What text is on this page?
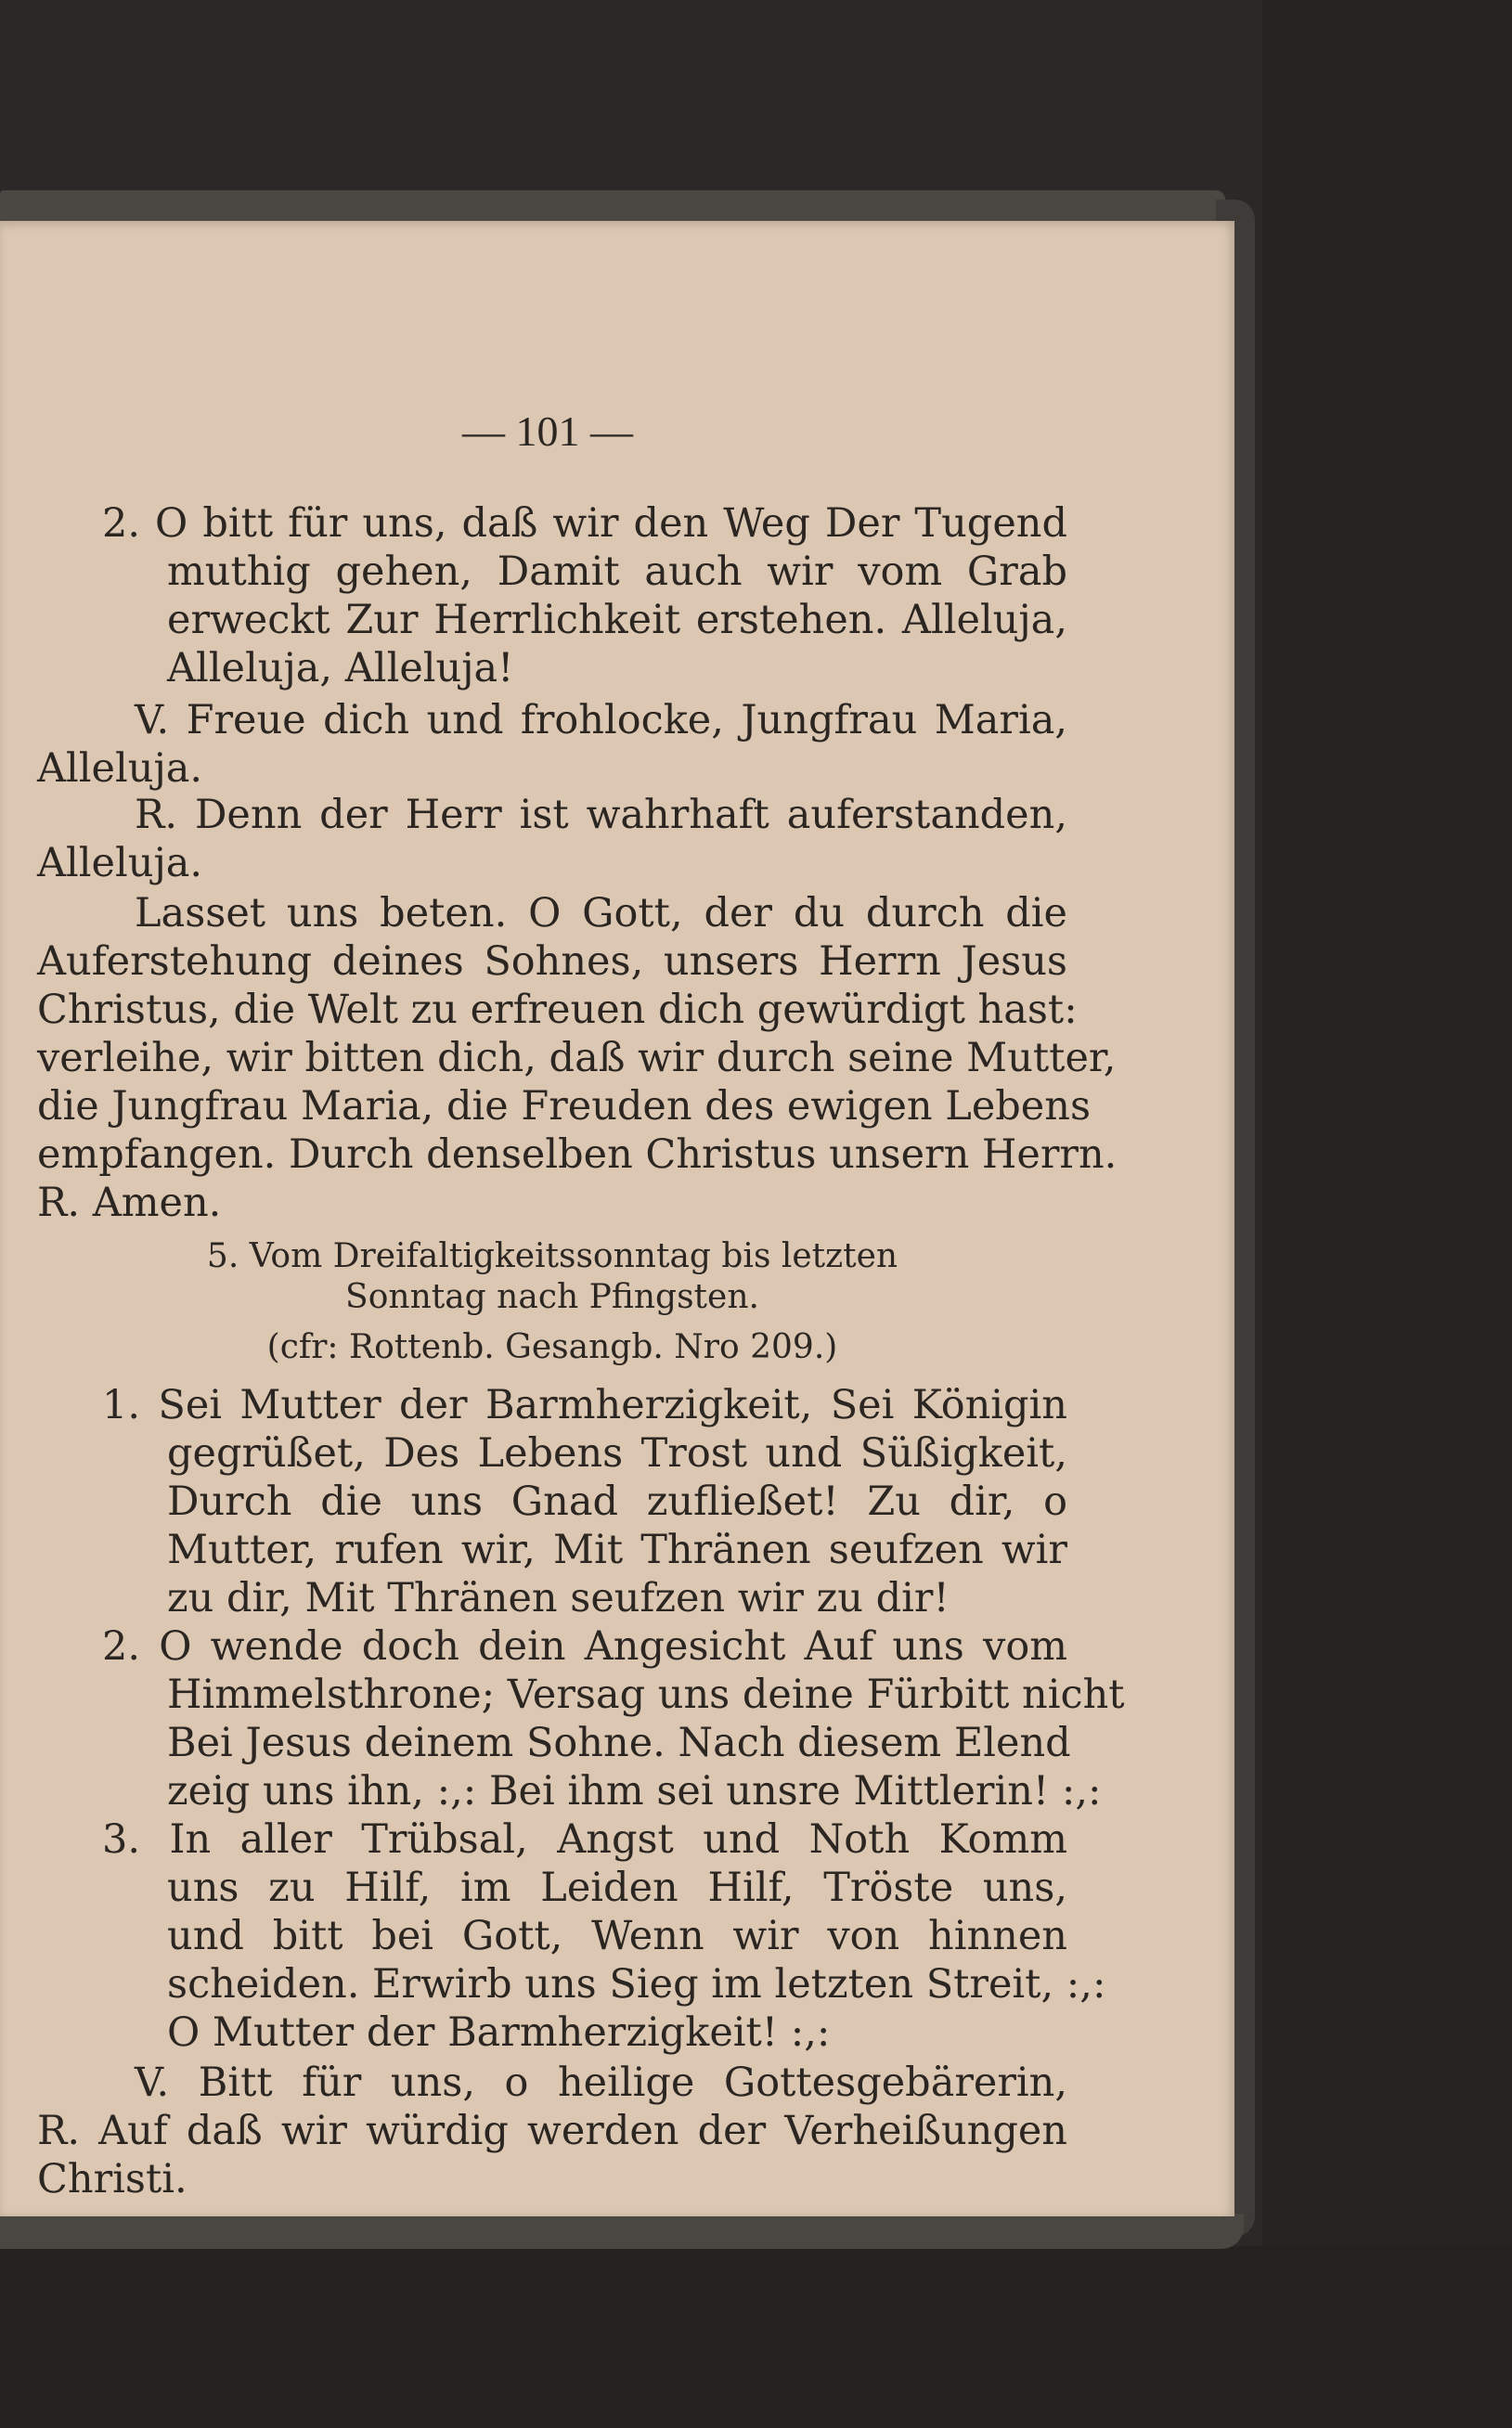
— 101 —
2. O bitt für uns, daß wir den Weg Der Tugend
muthig gehen, Damit auch wir vom Grab
erweckt Zur Herrlichkeit erstehen. Alleluja,
Alleluja, Alleluja!
V. Freue dich und frohlocke, Jungfrau Maria,
Alleluja.
R. Denn der Herr ist wahrhaft auferstanden,
Alleluja.
Lasset uns beten. O Gott, der du durch die
Auferstehung deines Sohnes, unsers Herrn Jesus
Christus, die Welt zu erfreuen dich gewürdigt hast:
verleihe, wir bitten dich, daß wir durch seine Mutter,
die Jungfrau Maria, die Freuden des ewigen Lebens
empfangen. Durch denselben Christus unsern Herrn.
R. Amen.
5. Vom Dreifaltigkeitssonntag bis letzten
Sonntag nach Pfingsten.
(cfr: Rottenb. Gesangb. Nro 209.)
1. Sei Mutter der Barmherzigkeit, Sei Königin
gegrüßet, Des Lebens Trost und Süßigkeit,
Durch die uns Gnad zufließet! Zu dir, o
Mutter, rufen wir, Mit Thränen seufzen wir
zu dir, Mit Thränen seufzen wir zu dir!
2. O wende doch dein Angesicht Auf uns vom
Himmelsthrone; Versag uns deine Fürbitt nicht
Bei Jesus deinem Sohne. Nach diesem Elend
zeig uns ihn, :,: Bei ihm sei unsre Mittlerin! :,:
3. In aller Trübsal, Angst und Noth Komm
uns zu Hilf, im Leiden Hilf, Tröste uns,
und bitt bei Gott, Wenn wir von hinnen
scheiden. Erwirb uns Sieg im letzten Streit, :,:
O Mutter der Barmherzigkeit! :,:
V. Bitt für uns, o heilige Gottesgebärerin,
R. Auf daß wir würdig werden der Verheißungen
Christi.
